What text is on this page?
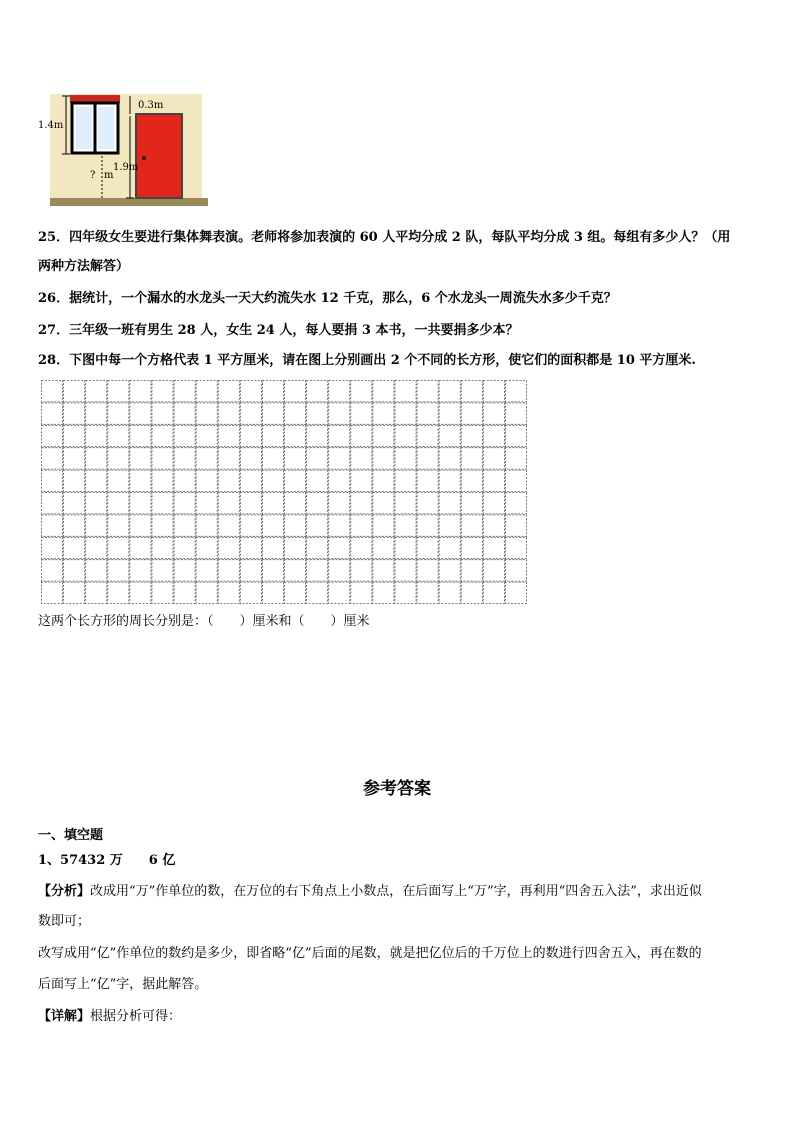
1.4m
0.3m
1.9m
? m
25．四年级女生要进行集体舞表演。老师将参加表演的 60 人平均分成 2 队，每队平均分成 3 组。每组有多少人？（用
两种方法解答）
26．据统计，一个漏水的水龙头一天大约流失水 12 千克，那么，6 个水龙头一周流失水多少千克？
27．三年级一班有男生 28 人，女生 24 人，每人要捐 3 本书，一共要捐多少本？
28．下图中每一个方格代表 1 平方厘米，请在图上分别画出 2 个不同的长方形，使它们的面积都是 10 平方厘米.
这两个长方形的周长分别是：（　　）厘米和（　　）厘米
参考答案
一、填空题
1、57432 万　　6 亿
【分析】改成用“万”作单位的数，在万位的右下角点上小数点，在后面写上“万”字，再利用“四舍五入法”，求出近似
数即可；
改写成用“亿”作单位的数约是多少，即省略“亿”后面的尾数，就是把亿位后的千万位上的数进行四舍五入，再在数的
后面写上“亿”字，据此解答。
【详解】根据分析可得：
